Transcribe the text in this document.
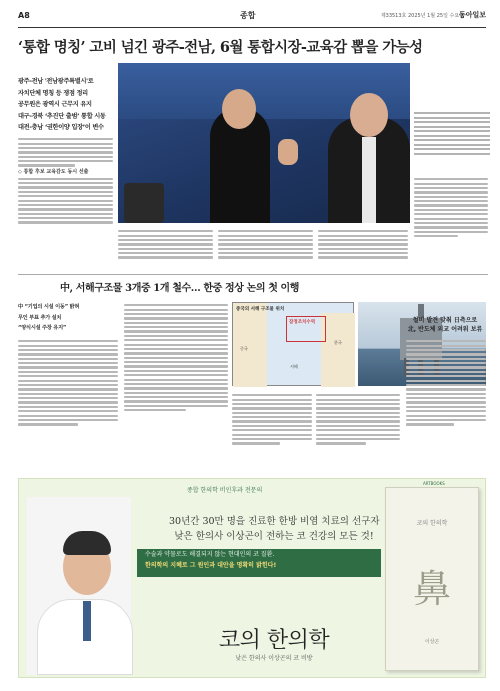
A8	종합	제33513호 2025년 1월 25일 수요일
동아일보
‘통합 명칭’ 고비 넘긴 광주-전남, 6월 통합시장-교육감 뽑을 가능성
광주-전남 '전남광주특별시'로
자치단체 명칭 등 쟁점 정리
공무원은 광역시 근무지 유지
대구-경북 ‘추진단 출범’ 통합 시동
대전-충남 ‘권한이양 입장’이 변수
◇ 통합 후보 교육감도 동시 선출
中, 서해구조물 3개중 1개 철수… 한중 정상 논의 첫 이행
中 “기업의 시설 이동” 밝혀
무인 부표 추가 설치
“양식시설 주장 유지”
중국의 서해 구조물 위치
잠정조치수역
중국
한국
서해
철비 발견 맞춰 日측으로
北, 반도체 외교 어려워 보류
종합 한의학 비인후과 전문의
30년간 30만 명을 진료한 한방 비염 치료의 선구자
낮은 한의사 이상곤이 전하는 코 건강의 모든 것!
수술과 약물로도 해결되지 않는 현대인의 코 질환.
한의학의 지혜로 그 원인과 대안을 명확히 밝힌다!
코의 한의학
낮은 한의사 이상곤의 코 비방
코의 한의학
鼻
이상곤
ARTBOOKS
